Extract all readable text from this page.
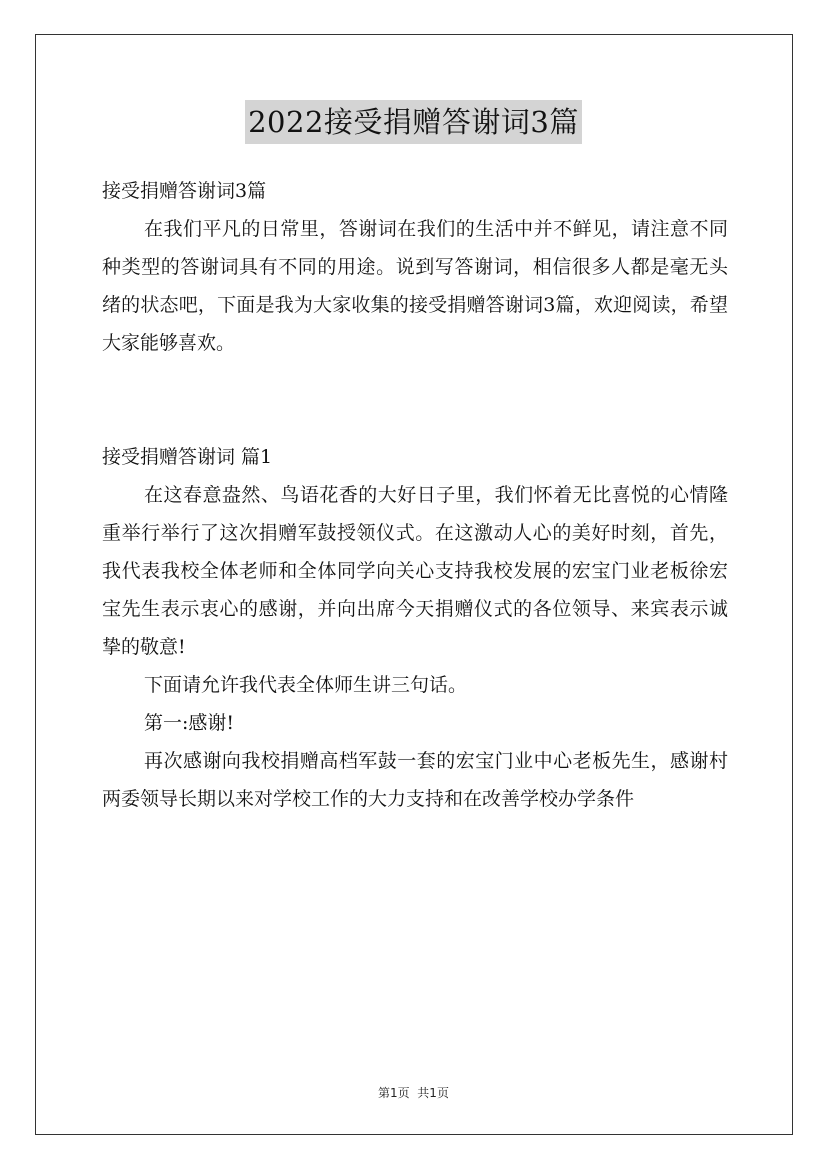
2022接受捐赠答谢词3篇

接受捐赠答谢词3篇

在我们平凡的日常里，答谢词在我们的生活中并不鲜见，请注意不同种类型的答谢词具有不同的用途。说到写答谢词，相信很多人都是毫无头绪的状态吧，下面是我为大家收集的接受捐赠答谢词3篇，欢迎阅读，希望大家能够喜欢。

接受捐赠答谢词 篇1

在这春意盎然、鸟语花香的大好日子里，我们怀着无比喜悦的心情隆重举行举行了这次捐赠军鼓授领仪式。在这激动人心的美好时刻，首先，我代表我校全体老师和全体同学向关心支持我校发展的宏宝门业老板徐宏宝先生表示衷心的感谢，并向出席今天捐赠仪式的各位领导、来宾表示诚挚的敬意!

下面请允许我代表全体师生讲三句话。

第一:感谢!

再次感谢向我校捐赠高档军鼓一套的宏宝门业中心老板先生，感谢村两委领导长期以来对学校工作的大力支持和在改善学校办学条件

第1页  共1页
